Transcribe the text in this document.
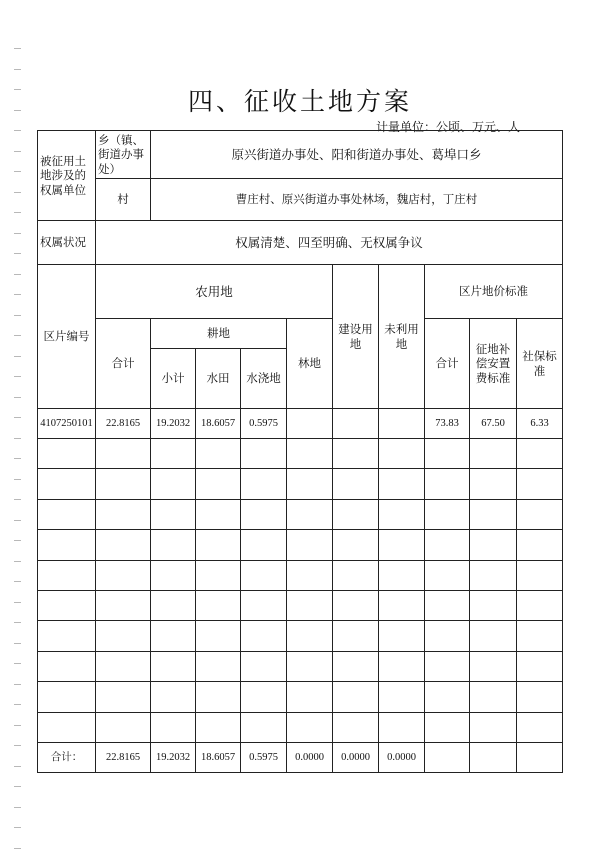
四、征收土地方案
计量单位：公顷、万元、人
被征用土地涉及的权属单位	乡（镇、街道办事处）	原兴街道办事处、阳和街道办事处、葛埠口乡								
	村	曹庄村、原兴街道办事处林场，魏店村，丁庄村								
权属状况	权属清楚、四至明确、无权属争议									
区片编号	农用地					建设用地	未利用地	区片地价标准		
	合计	耕地			林地			合计	征地补偿安置费标准	社保标准
		小计	水田	水浇地						
4107250101	22.8165	19.2032	18.6057	0.5975				73.83	67.50	6.33

合计：	22.8165	19.2032	18.6057	0.5975	0.0000	0.0000	0.0000			
